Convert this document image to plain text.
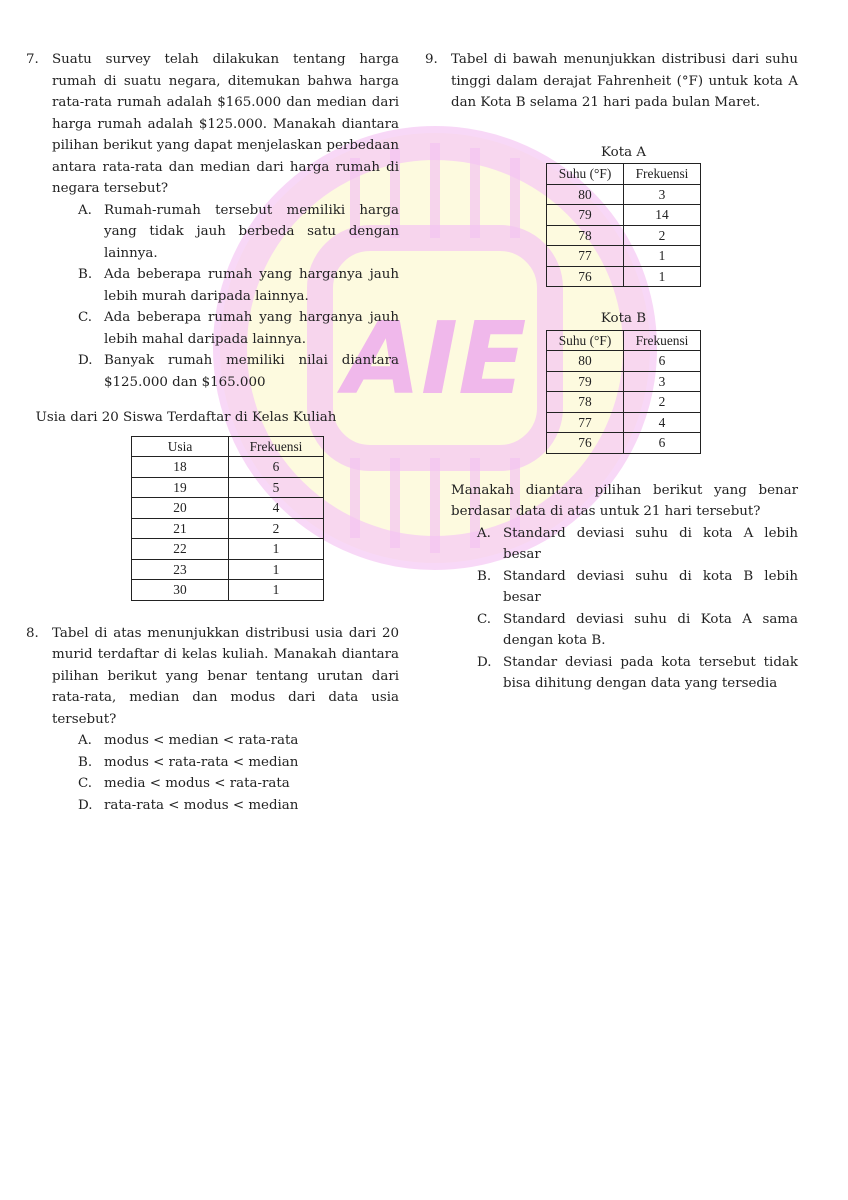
AIE
7. Suatu survey telah dilakukan tentang harga rumah di suatu negara, ditemukan bahwa harga rata-rata rumah adalah $165.000 dan median dari harga rumah adalah $125.000. Manakah diantara pilihan berikut yang dapat menjelaskan perbedaan antara rata-rata dan median dari harga rumah di negara tersebut?
A. Rumah-rumah tersebut memiliki harga yang tidak jauh berbeda satu dengan lainnya.
B. Ada beberapa rumah yang harganya jauh lebih murah daripada lainnya.
C. Ada beberapa rumah yang harganya jauh lebih mahal daripada lainnya.
D. Banyak rumah memiliki nilai diantara $125.000 dan $165.000
Usia dari 20 Siswa Terdaftar di Kelas Kuliah
Usia	Frekuensi
18	6
19	5
20	4
21	2
22	1
23	1
30	1
8. Tabel di atas menunjukkan distribusi usia dari 20 murid terdaftar di kelas kuliah. Manakah diantara pilihan berikut yang benar tentang urutan dari rata-rata, median dan modus dari data usia tersebut?
A. modus < median < rata-rata
B. modus < rata-rata < median
C. media < modus < rata-rata
D. rata-rata < modus < median
9. Tabel di bawah menunjukkan distribusi dari suhu tinggi dalam derajat Fahrenheit (°F) untuk kota A dan Kota B selama 21 hari pada bulan Maret.
Kota A
Suhu (°F)	Frekuensi
80	3
79	14
78	2
77	1
76	1
Kota B
Suhu (°F)	Frekuensi
80	6
79	3
78	2
77	4
76	6
Manakah diantara pilihan berikut yang benar berdasar data di atas untuk 21 hari tersebut?
A. Standard deviasi suhu di kota A lebih besar
B. Standard deviasi suhu di kota B lebih besar
C. Standard deviasi suhu di Kota A sama dengan kota B.
D. Standar deviasi pada kota tersebut tidak bisa dihitung dengan data yang tersedia
